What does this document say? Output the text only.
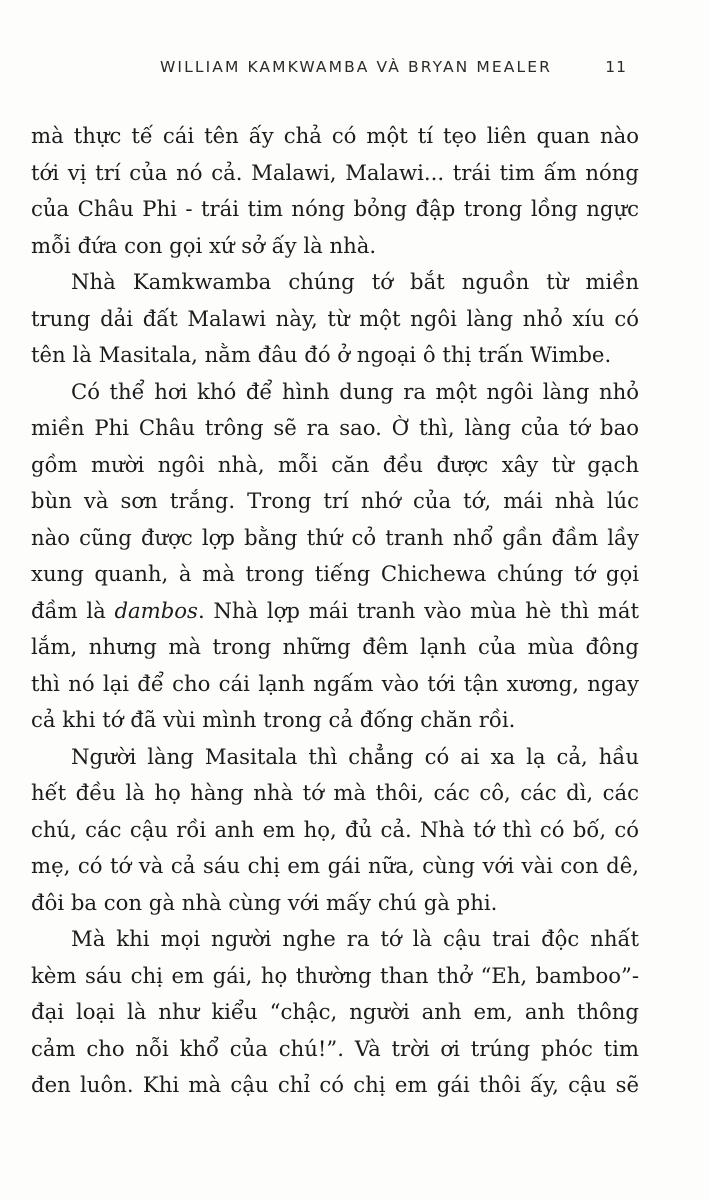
WILLIAM KAMKWAMBA VÀ BRYAN MEALER	11
mà thực tế cái tên ấy chả có một tí tẹo liên quan nào
tới vị trí của nó cả. Malawi, Malawi... trái tim ấm nóng
của Châu Phi - trái tim nóng bỏng đập trong lồng ngực
mỗi đứa con gọi xứ sở ấy là nhà.
Nhà Kamkwamba chúng tớ bắt nguồn từ miền
trung dải đất Malawi này, từ một ngôi làng nhỏ xíu có
tên là Masitala, nằm đâu đó ở ngoại ô thị trấn Wimbe.
Có thể hơi khó để hình dung ra một ngôi làng nhỏ
miền Phi Châu trông sẽ ra sao. Ờ thì, làng của tớ bao
gồm mười ngôi nhà, mỗi căn đều được xây từ gạch
bùn và sơn trắng. Trong trí nhớ của tớ, mái nhà lúc
nào cũng được lợp bằng thứ cỏ tranh nhổ gần đầm lầy
xung quanh, à mà trong tiếng Chichewa chúng tớ gọi
đầm là dambos. Nhà lợp mái tranh vào mùa hè thì mát
lắm, nhưng mà trong những đêm lạnh của mùa đông
thì nó lại để cho cái lạnh ngấm vào tới tận xương, ngay
cả khi tớ đã vùi mình trong cả đống chăn rồi.
Người làng Masitala thì chẳng có ai xa lạ cả, hầu
hết đều là họ hàng nhà tớ mà thôi, các cô, các dì, các
chú, các cậu rồi anh em họ, đủ cả. Nhà tớ thì có bố, có
mẹ, có tớ và cả sáu chị em gái nữa, cùng với vài con dê,
đôi ba con gà nhà cùng với mấy chú gà phi.
Mà khi mọi người nghe ra tớ là cậu trai độc nhất
kèm sáu chị em gái, họ thường than thở “Eh, bamboo”-
đại loại là như kiểu “chậc, người anh em, anh thông
cảm cho nỗi khổ của chú!”. Và trời ơi trúng phóc tim
đen luôn. Khi mà cậu chỉ có chị em gái thôi ấy, cậu sẽ
